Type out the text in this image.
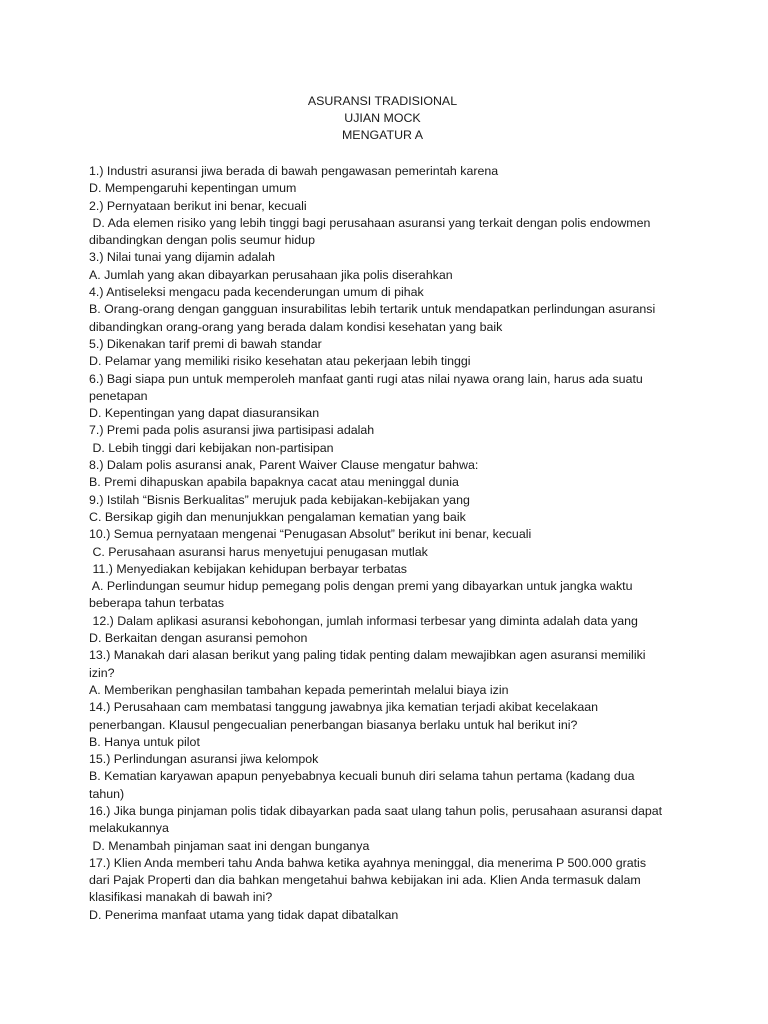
ASURANSI TRADISIONAL
UJIAN MOCK
MENGATUR A
1.) Industri asuransi jiwa berada di bawah pengawasan pemerintah karena
D. Mempengaruhi kepentingan umum
2.) Pernyataan berikut ini benar, kecuali
D. Ada elemen risiko yang lebih tinggi bagi perusahaan asuransi yang terkait dengan polis endowmen
dibandingkan dengan polis seumur hidup
3.) Nilai tunai yang dijamin adalah
A. Jumlah yang akan dibayarkan perusahaan jika polis diserahkan
4.) Antiseleksi mengacu pada kecenderungan umum di pihak
B. Orang-orang dengan gangguan insurabilitas lebih tertarik untuk mendapatkan perlindungan asuransi
dibandingkan orang-orang yang berada dalam kondisi kesehatan yang baik
5.) Dikenakan tarif premi di bawah standar
D. Pelamar yang memiliki risiko kesehatan atau pekerjaan lebih tinggi
6.) Bagi siapa pun untuk memperoleh manfaat ganti rugi atas nilai nyawa orang lain, harus ada suatu
penetapan
D. Kepentingan yang dapat diasuransikan
7.) Premi pada polis asuransi jiwa partisipasi adalah
D. Lebih tinggi dari kebijakan non-partisipan
8.) Dalam polis asuransi anak, Parent Waiver Clause mengatur bahwa:
B. Premi dihapuskan apabila bapaknya cacat atau meninggal dunia
9.) Istilah “Bisnis Berkualitas” merujuk pada kebijakan-kebijakan yang
C. Bersikap gigih dan menunjukkan pengalaman kematian yang baik
10.) Semua pernyataan mengenai “Penugasan Absolut” berikut ini benar, kecuali
C. Perusahaan asuransi harus menyetujui penugasan mutlak
11.) Menyediakan kebijakan kehidupan berbayar terbatas
A. Perlindungan seumur hidup pemegang polis dengan premi yang dibayarkan untuk jangka waktu
beberapa tahun terbatas
12.) Dalam aplikasi asuransi kebohongan, jumlah informasi terbesar yang diminta adalah data yang
D. Berkaitan dengan asuransi pemohon
13.) Manakah dari alasan berikut yang paling tidak penting dalam mewajibkan agen asuransi memiliki
izin?
A. Memberikan penghasilan tambahan kepada pemerintah melalui biaya izin
14.) Perusahaan cam membatasi tanggung jawabnya jika kematian terjadi akibat kecelakaan
penerbangan. Klausul pengecualian penerbangan biasanya berlaku untuk hal berikut ini?
B. Hanya untuk pilot
15.) Perlindungan asuransi jiwa kelompok
B. Kematian karyawan apapun penyebabnya kecuali bunuh diri selama tahun pertama (kadang dua
tahun)
16.) Jika bunga pinjaman polis tidak dibayarkan pada saat ulang tahun polis, perusahaan asuransi dapat
melakukannya
D. Menambah pinjaman saat ini dengan bunganya
17.) Klien Anda memberi tahu Anda bahwa ketika ayahnya meninggal, dia menerima P 500.000 gratis
dari Pajak Properti dan dia bahkan mengetahui bahwa kebijakan ini ada. Klien Anda termasuk dalam
klasifikasi manakah di bawah ini?
D. Penerima manfaat utama yang tidak dapat dibatalkan
